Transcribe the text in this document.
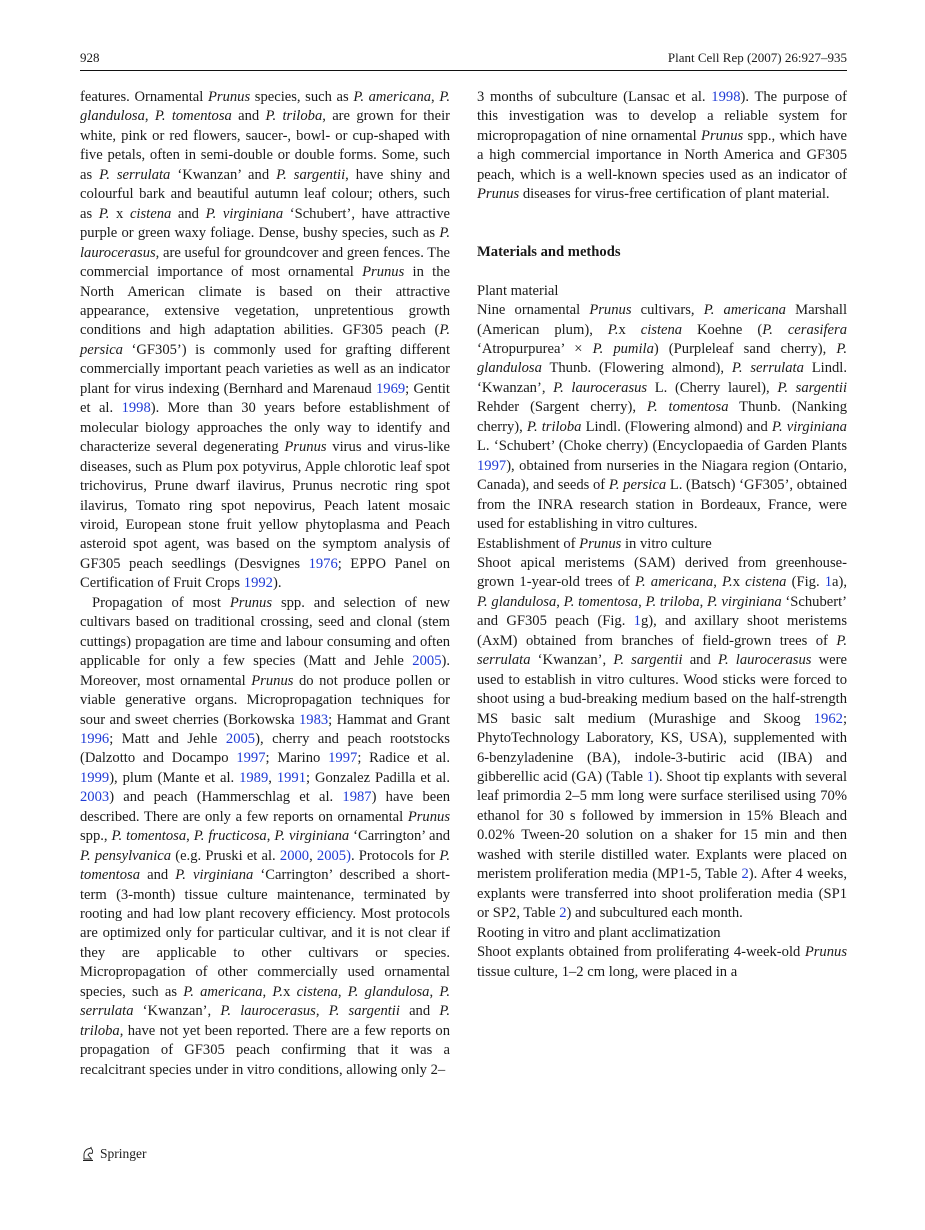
928	Plant Cell Rep (2007) 26:927–935

features. Ornamental Prunus species, such as P. americana, P. glandulosa, P. tomentosa and P. triloba, are grown for their white, pink or red flowers, saucer-, bowl- or cup-shaped with five petals, often in semi-double or double forms. Some, such as P. serrulata ‘Kwanzan’ and P. sargentii, have shiny and colourful bark and beautiful autumn leaf colour; others, such as P. x cistena and P. virginiana ‘Schubert’, have attractive purple or green waxy foliage. Dense, bushy species, such as P. laurocerasus, are useful for groundcover and green fences. The commercial importance of most ornamental Prunus in the North American climate is based on their attractive appearance, extensive vegetation, unpretentious growth conditions and high adaptation abilities. GF305 peach (P. persica ‘GF305’) is commonly used for grafting different commercially important peach varieties as well as an indicator plant for virus indexing (Bernhard and Marenaud 1969; Gentit et al. 1998). More than 30 years before establishment of molecular biology approaches the only way to identify and characterize several degenerating Prunus virus and virus-like diseases, such as Plum pox potyvirus, Apple chlorotic leaf spot trichovirus, Prune dwarf ilavirus, Prunus necrotic ring spot ilavirus, Tomato ring spot nepovirus, Peach latent mosaic viroid, European stone fruit yellow phytoplasma and Peach asteroid spot agent, was based on the symptom analysis of GF305 peach seedlings (Desvignes 1976; EPPO Panel on Certification of Fruit Crops 1992).

Propagation of most Prunus spp. and selection of new cultivars based on traditional crossing, seed and clonal (stem cuttings) propagation are time and labour consuming and often applicable for only a few species (Matt and Jehle 2005). Moreover, most ornamental Prunus do not produce pollen or viable generative organs. Micropropagation techniques for sour and sweet cherries (Borkowska 1983; Hammat and Grant 1996; Matt and Jehle 2005), cherry and peach rootstocks (Dalzotto and Docampo 1997; Marino 1997; Radice et al. 1999), plum (Mante et al. 1989, 1991; Gonzalez Padilla et al. 2003) and peach (Hammerschlag et al. 1987) have been described. There are only a few reports on ornamental Prunus spp., P. tomentosa, P. fructicosa, P. virginiana ‘Carrington’ and P. pensylvanica (e.g. Pruski et al. 2000, 2005). Protocols for P. tomentosa and P. virginiana ‘Carrington’ described a short-term (3-month) tissue culture maintenance, terminated by rooting and had low plant recovery efficiency. Most protocols are optimized only for particular cultivar, and it is not clear if they are applicable to other cultivars or species. Micropropagation of other commercially used ornamental species, such as P. americana, P.x cistena, P. glandulosa, P. serrulata ‘Kwanzan’, P. laurocerasus, P. sargentii and P. triloba, have not yet been reported. There are a few reports on propagation of GF305 peach confirming that it was a recalcitrant species under in vitro conditions, allowing only 2–

3 months of subculture (Lansac et al. 1998). The purpose of this investigation was to develop a reliable system for micropropagation of nine ornamental Prunus spp., which have a high commercial importance in North America and GF305 peach, which is a well-known species used as an indicator of Prunus diseases for virus-free certification of plant material.

Materials and methods

Plant material

Nine ornamental Prunus cultivars, P. americana Marshall (American plum), P.x cistena Koehne (P. cerasifera ‘Atropurpurea’ × P. pumila) (Purpleleaf sand cherry), P. glandulosa Thunb. (Flowering almond), P. serrulata Lindl. ‘Kwanzan’, P. laurocerasus L. (Cherry laurel), P. sargentii Rehder (Sargent cherry), P. tomentosa Thunb. (Nanking cherry), P. triloba Lindl. (Flowering almond) and P. virginiana L. ‘Schubert’ (Choke cherry) (Encyclopaedia of Garden Plants 1997), obtained from nurseries in the Niagara region (Ontario, Canada), and seeds of P. persica L. (Batsch) ‘GF305’, obtained from the INRA research station in Bordeaux, France, were used for establishing in vitro cultures.

Establishment of Prunus in vitro culture

Shoot apical meristems (SAM) derived from greenhouse-grown 1-year-old trees of P. americana, P.x cistena (Fig. 1a), P. glandulosa, P. tomentosa, P. triloba, P. virginiana ‘Schubert’ and GF305 peach (Fig. 1g), and axillary shoot meristems (AxM) obtained from branches of field-grown trees of P. serrulata ‘Kwanzan’, P. sargentii and P. laurocerasus were used to establish in vitro cultures. Wood sticks were forced to shoot using a bud-breaking medium based on the half-strength MS basic salt medium (Murashige and Skoog 1962; PhytoTechnology Laboratory, KS, USA), supplemented with 6-benzyladenine (BA), indole-3-butiric acid (IBA) and gibberellic acid (GA) (Table 1). Shoot tip explants with several leaf primordia 2–5 mm long were surface sterilised using 70% ethanol for 30 s followed by immersion in 15% Bleach and 0.02% Tween-20 solution on a shaker for 15 min and then washed with sterile distilled water. Explants were placed on meristem proliferation media (MP1-5, Table 2). After 4 weeks, explants were transferred into shoot proliferation media (SP1 or SP2, Table 2) and subcultured each month.

Rooting in vitro and plant acclimatization

Shoot explants obtained from proliferating 4-week-old Prunus tissue culture, 1–2 cm long, were placed in a

Springer
